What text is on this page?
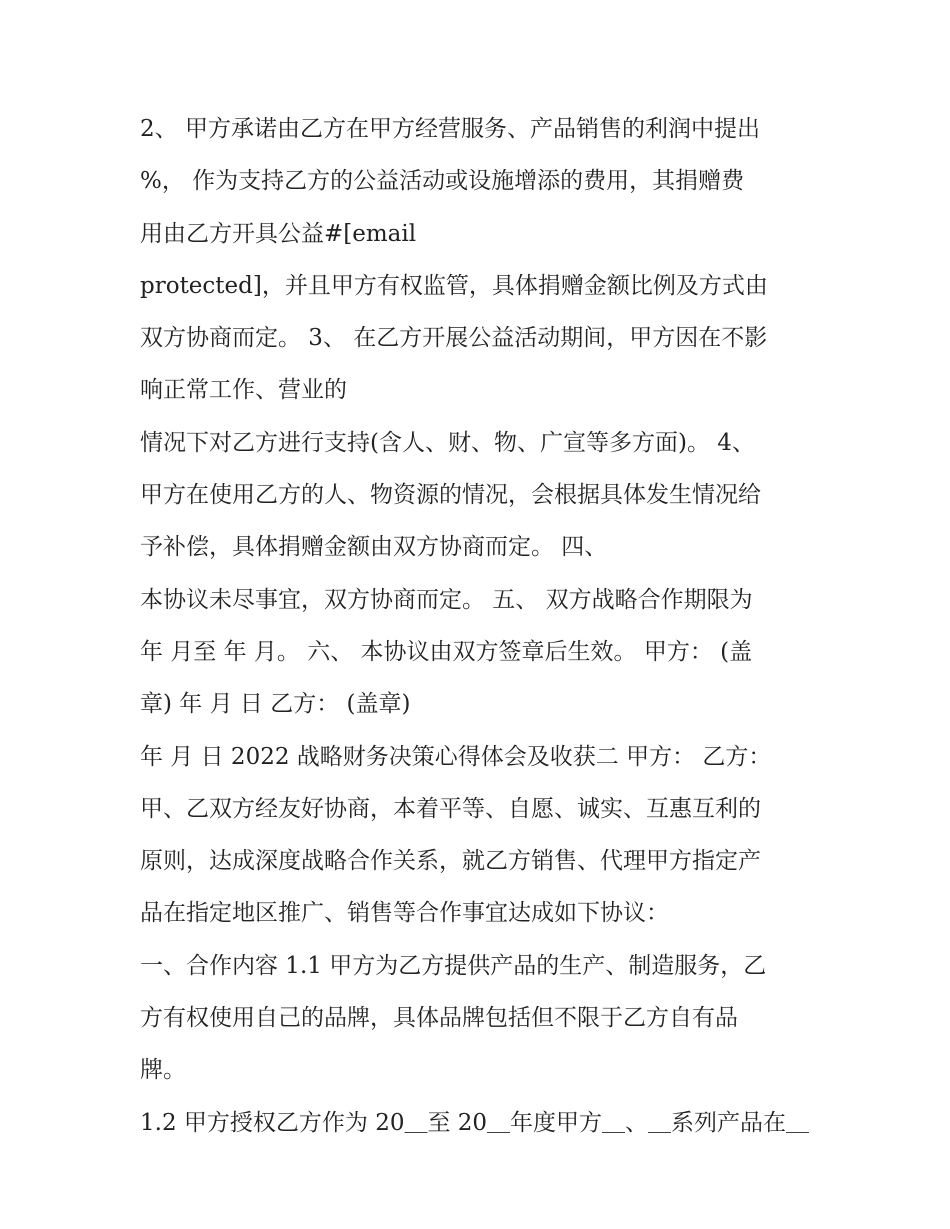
2、 甲方承诺由乙方在甲方经营服务、产品销售的利润中提出
%， 作为支持乙方的公益活动或设施增添的费用，其捐赠费
用由乙方开具公益#[email
protected]，并且甲方有权监管，具体捐赠金额比例及方式由
双方协商而定。 3、 在乙方开展公益活动期间，甲方因在不影
响正常工作、营业的
情况下对乙方进行支持(含人、财、物、广宣等多方面)。 4、
甲方在使用乙方的人、物资源的情况，会根据具体发生情况给
予补偿，具体捐赠金额由双方协商而定。 四、
本协议未尽事宜，双方协商而定。 五、 双方战略合作期限为
年 月至 年 月。 六、 本协议由双方签章后生效。 甲方： (盖
章) 年 月 日 乙方： (盖章)
年 月 日 2022 战略财务决策心得体会及收获二 甲方： 乙方：
甲、乙双方经友好协商，本着平等、自愿、诚实、互惠互利的
原则，达成深度战略合作关系，就乙方销售、代理甲方指定产
品在指定地区推广、销售等合作事宜达成如下协议：
一、合作内容 1.1 甲方为乙方提供产品的生产、制造服务，乙
方有权使用自己的品牌，具体品牌包括但不限于乙方自有品
牌。
1.2 甲方授权乙方作为 20＿至 20＿年度甲方＿、＿系列产品在＿
